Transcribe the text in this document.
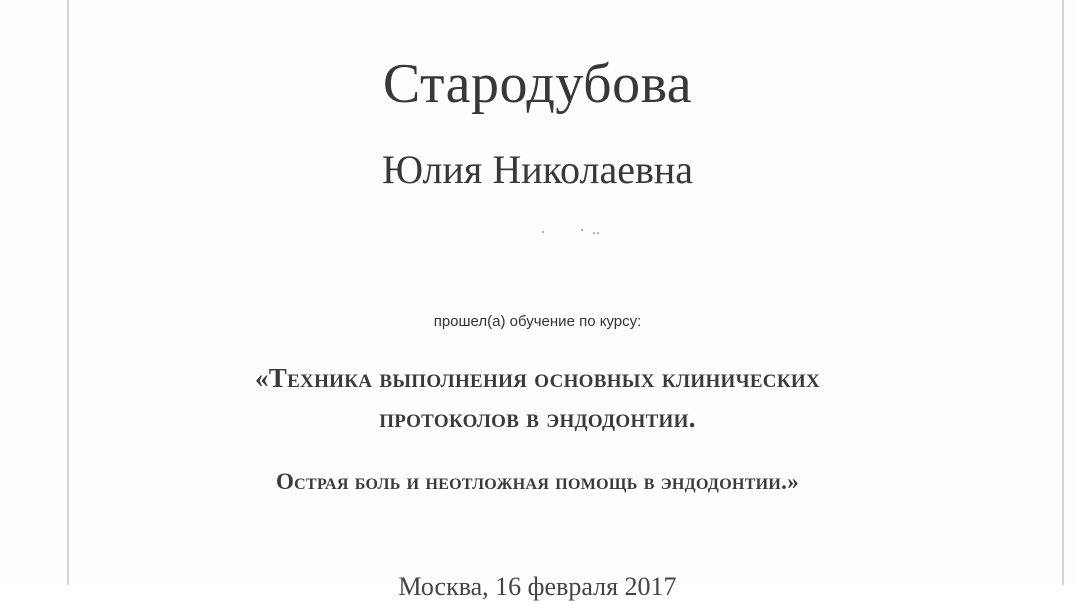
Стародубова
Юлия Николаевна
прошел(а) обучение по курсу:
«Техника выполнения основных клинических
протоколов в эндодонтии.
Острая боль и неотложная помощь в эндодонтии.»
Москва, 16 февраля 2017
